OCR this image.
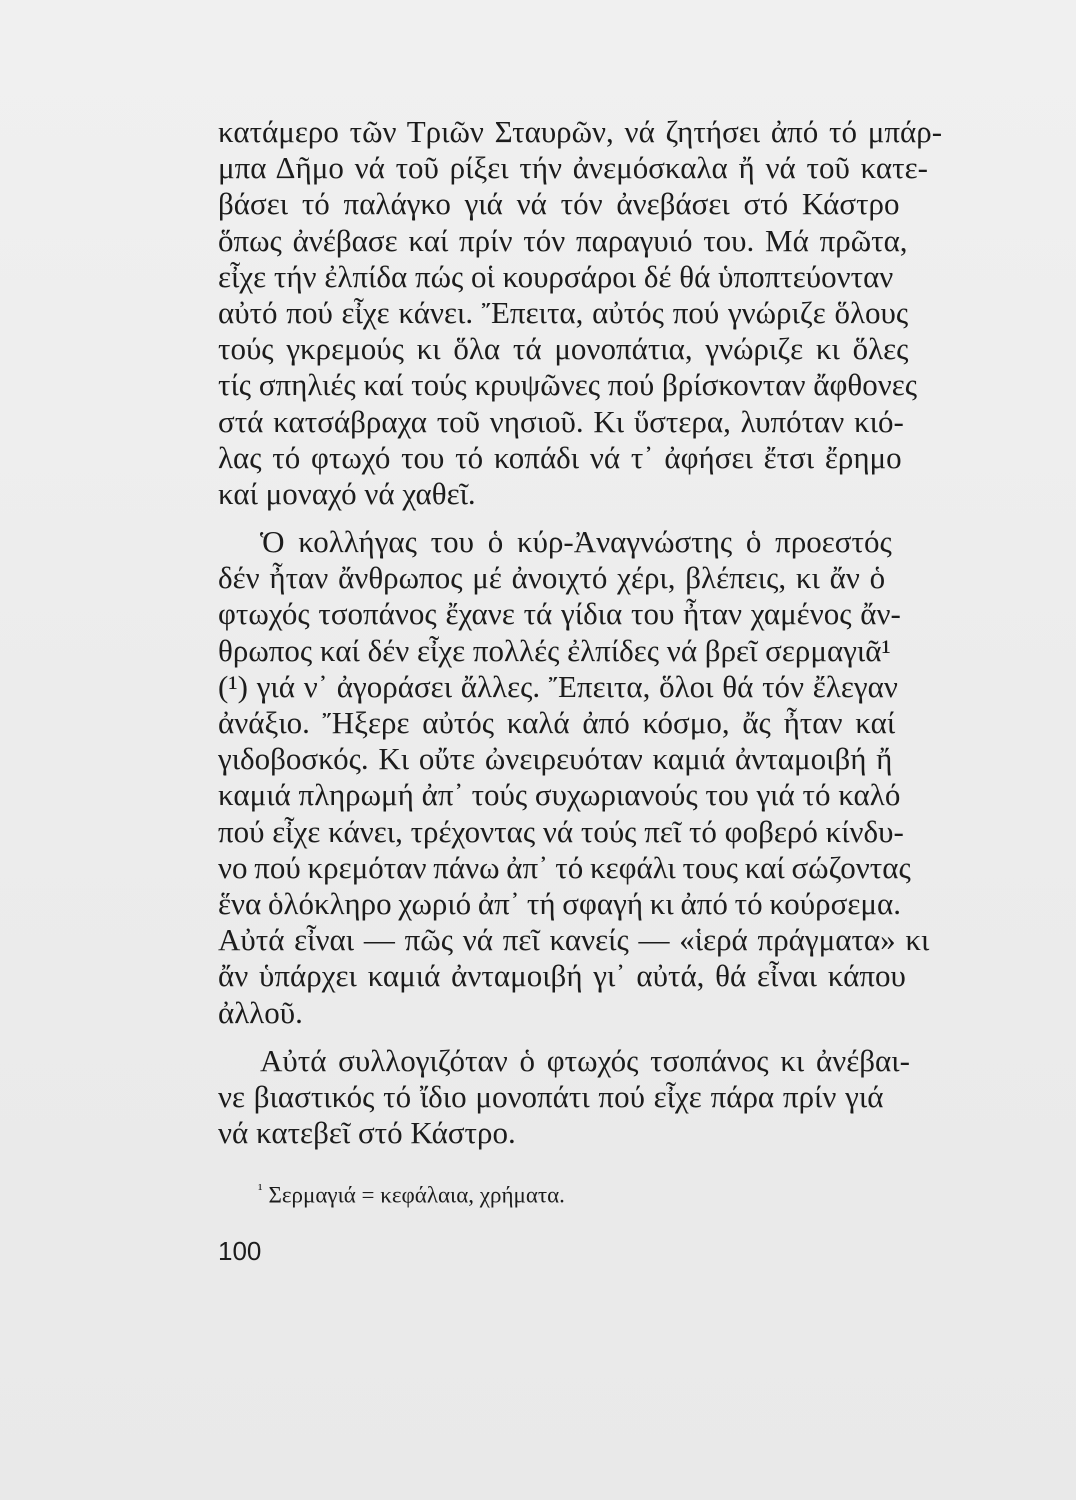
κατάμερο τῶν Τριῶν Σταυρῶν, νά ζητήσει ἀπό τό μπάρ-
μπα Δῆμο νά τοῦ ρίξει τήν ἀνεμόσκαλα ἤ νά τοῦ κατε-
βάσει τό παλάγκο γιά νά τόν ἀνεβάσει στό Κάστρο
ὅπως ἀνέβασε καί πρίν τόν παραγυιό του. Μά πρῶτα,
εἶχε τήν ἐλπίδα πώς οἱ κουρσάροι δέ θά ὑποπτεύονταν
αὐτό πού εἶχε κάνει. Ἔπειτα, αὐτός πού γνώριζε ὅλους
τούς γκρεμούς κι ὅλα τά μονοπάτια, γνώριζε κι ὅλες
τίς σπηλιές καί τούς κρυψῶνες πού βρίσκονταν ἄφθονες
στά κατσάβραχα τοῦ νησιοῦ. Κι ὕστερα, λυπόταν κιό-
λας τό φτωχό του τό κοπάδι νά τ᾿ ἀφήσει ἔτσι ἔρημο
καί μοναχό νά χαθεῖ.
Ὁ κολλήγας του ὁ κύρ-Ἀναγνώστης ὁ προεστός
δέν ἦταν ἄνθρωπος μέ ἀνοιχτό χέρι, βλέπεις, κι ἄν ὁ
φτωχός τσοπάνος ἔχανε τά γίδια του ἦταν χαμένος ἄν-
θρωπος καί δέν εἶχε πολλές ἐλπίδες νά βρεῖ σερμαγιᾶ¹
(¹) γιά ν᾿ ἀγοράσει ἄλλες. Ἔπειτα, ὅλοι θά τόν ἔλεγαν
ἀνάξιο. Ἤξερε αὐτός καλά ἀπό κόσμο, ἄς ἦταν καί
γιδοβοσκός. Κι οὔτε ὠνειρευόταν καμιά ἀνταμοιβή ἤ
καμιά πληρωμή ἀπ᾿ τούς συχωριανούς του γιά τό καλό
πού εἶχε κάνει, τρέχοντας νά τούς πεῖ τό φοβερό κίνδυ-
νο πού κρεμόταν πάνω ἀπ᾿ τό κεφάλι τους καί σώζοντας
ἕνα ὁλόκληρο χωριό ἀπ᾿ τή σφαγή κι ἀπό τό κούρσεμα.
Αὐτά εἶναι — πῶς νά πεῖ κανείς — «ἱερά πράγματα» κι
ἄν ὑπάρχει καμιά ἀνταμοιβή γι᾿ αὐτά, θά εἶναι κάπου
ἀλλοῦ.
Αὐτά συλλογιζόταν ὁ φτωχός τσοπάνος κι ἀνέβαι-
νε βιαστικός τό ἴδιο μονοπάτι πού εἶχε πάρα πρίν γιά
νά κατεβεῖ στό Κάστρο.
$^{^1}$ Σερμαγιά = κεφάλαια, χρήματα.
100
